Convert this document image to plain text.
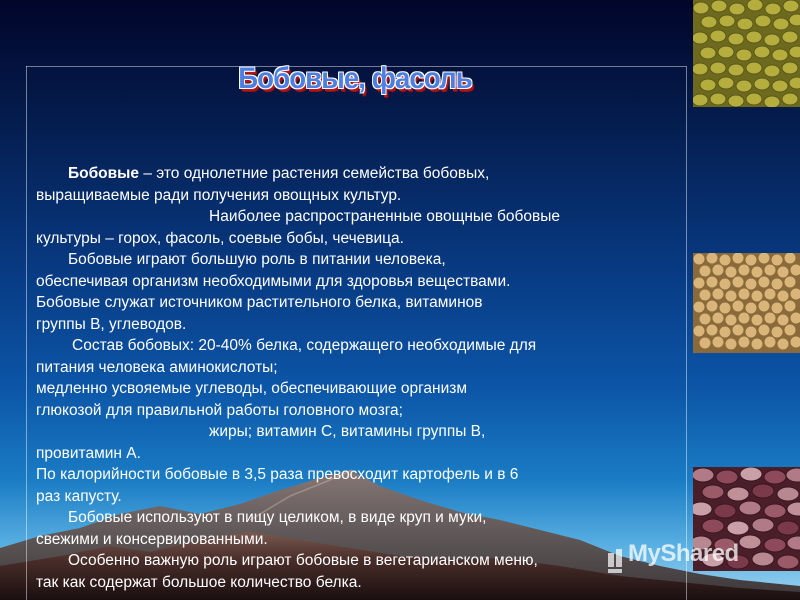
Бобовые, фасоль

Бобовые – это однолетние растения семейства бобовых,

выращиваемые ради получения овощных культур.

Наиболее распространенные овощные бобовые

культуры – горох, фасоль, соевые бобы, чечевица.

Бобовые играют большую роль в питании человека,

обеспечивая организм необходимыми для здоровья веществами.

Бобовые служат источником растительного белка, витаминов

группы В, углеводов.

Состав бобовых: 20-40% белка, содержащего необходимые для

питания человека аминокислоты;

медленно усвояемые углеводы, обеспечивающие организм

глюкозой для правильной работы головного мозга;

жиры; витамин С, витамины группы В,

провитамин А.

По калорийности бобовые в 3,5 раза превосходит картофель и в 6

раз капусту.

Бобовые используют в пищу целиком, в виде круп и муки,

свежими и консервированными.

Особенно важную роль играют бобовые в вегетарианском меню,

так как содержат большое количество белка.

MyShared
